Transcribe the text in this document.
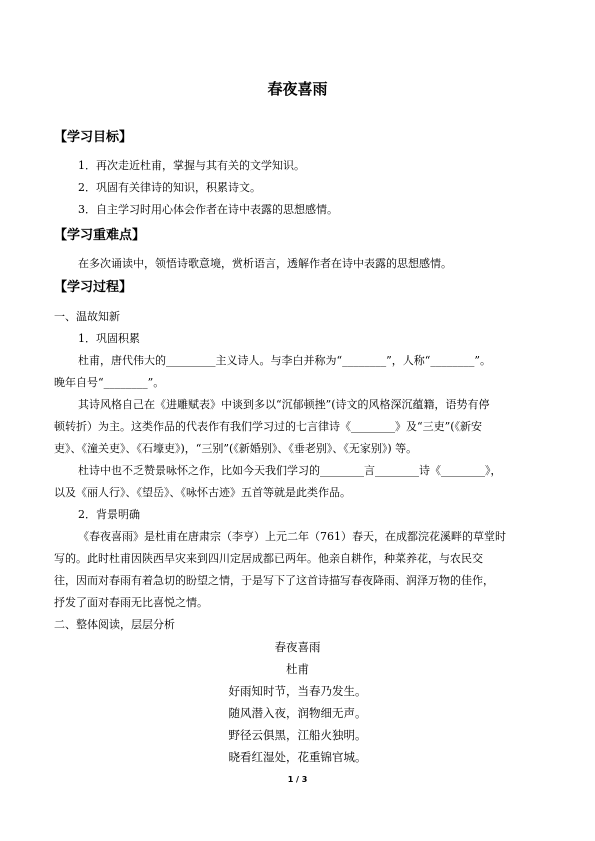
春夜喜雨
【学习目标】
1．再次走近杜甫，掌握与其有关的文学知识。
2．巩固有关律诗的知识，积累诗文。
3．自主学习时用心体会作者在诗中表露的思想感情。
【学习重难点】
在多次诵读中，领悟诗歌意境，赏析语言，透解作者在诗中表露的思想感情。
【学习过程】
一、温故知新
1．巩固积累
杜甫，唐代伟大的_________主义诗人。与李白并称为“________”，人称“________”。
晚年自号“________”。
其诗风格自己在《进雕赋表》中谈到多以“沉郁顿挫”(诗文的风格深沉蕴籍，语势有停
顿转折）为主。这类作品的代表作有我们学习过的七言律诗《________》及“三吏”(《新安
吏》、《潼关吏》、《石壕吏》)，“三别”(《新婚别》、《垂老别》、《无家别》) 等。
杜诗中也不乏赞景咏怀之作，比如今天我们学习的________言________诗《________》，
以及《丽人行》、《望岳》、《咏怀古迹》五首等就是此类作品。
2．背景明确
《春夜喜雨》是杜甫在唐肃宗（李亨）上元二年（761）春天，在成都浣花溪畔的草堂时
写的。此时杜甫因陕西旱灾来到四川定居成都已两年。他亲自耕作，种菜养花，与农民交
往，因而对春雨有着急切的盼望之情，于是写下了这首诗描写春夜降雨、润泽万物的佳作，
抒发了面对春雨无比喜悦之情。
二、整体阅读，层层分析
春夜喜雨
杜甫
好雨知时节，当春乃发生。
随风潜入夜，润物细无声。
野径云俱黑，江船火独明。
晓看红湿处，花重锦官城。
1 / 3
